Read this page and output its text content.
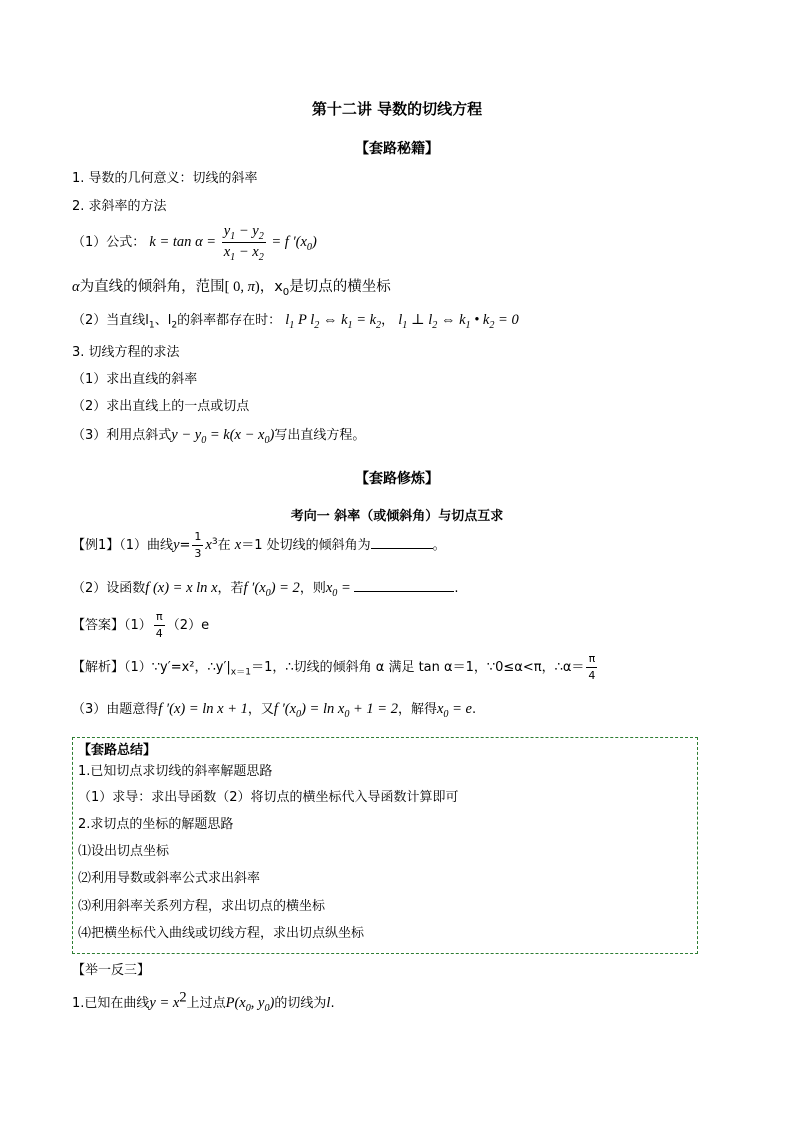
第十二讲 导数的切线方程
【套路秘籍】
1. 导数的几何意义：切线的斜率
2. 求斜率的方法
（1）公式： $k = \tan \alpha = \frac{y_1 - y_2}{x_1 - x_2} = f$ $'(x_0)$
α为直线的倾斜角，范围[ 0, π)，$x_0$是切点的横坐标
（2）当直线$l_1$、$l_2$的斜率都存在时： $l_1$ P $l_2$ ⇔ $k_1 = k_2$， $l_1$ ⊥ $l_2$ ⇔ $k_1$ • $k_2 = 0$
3. 切线方程的求法
（1）求出直线的斜率
（2）求出直线上的一点或切点
（3）利用点斜式$y - y_0 = k(x - x_0)$写出直线方程。
【套路修炼】
考向一 斜率（或倾斜角）与切点互求
【例1】（1）曲线$y= \frac{1}{3} x^3$在 x＝1 处切线的倾斜角为	。
（2）设函数f (x) = x ln x，若f $'(x_0) = 2$，则$x_0$ =	.
【答案】$(1) \frac{\pi}{4} (2)e$
【解析】（1）∵y′=x²，$\therefore y'|_{x=1}=1$，∴切线的倾斜角 α 满足 tan α＝1，∵0≤α<π，∴α＝ $\frac{\pi}{4}$
（3）由题意得f ′(x) = ln x + 1，又f $'(x_0) = \ln x_0 + 1 = 2$，解得$x_0 = e$.
【套路总结】
1.已知切点求切线的斜率解题思路
（1）求导：求出导函数（2）将切点的横坐标代入导函数计算即可
2.求切点的坐标的解题思路
⑴设出切点坐标
⑵利用导数或斜率公式求出斜率
⑶利用斜率关系列方程，求出切点的横坐标
⑷把横坐标代入曲线或切线方程，求出切点纵坐标
【举一反三】
1.已知在曲线$y = x^2$上过点$P(x_0$, $y_0$)的切线为l.
